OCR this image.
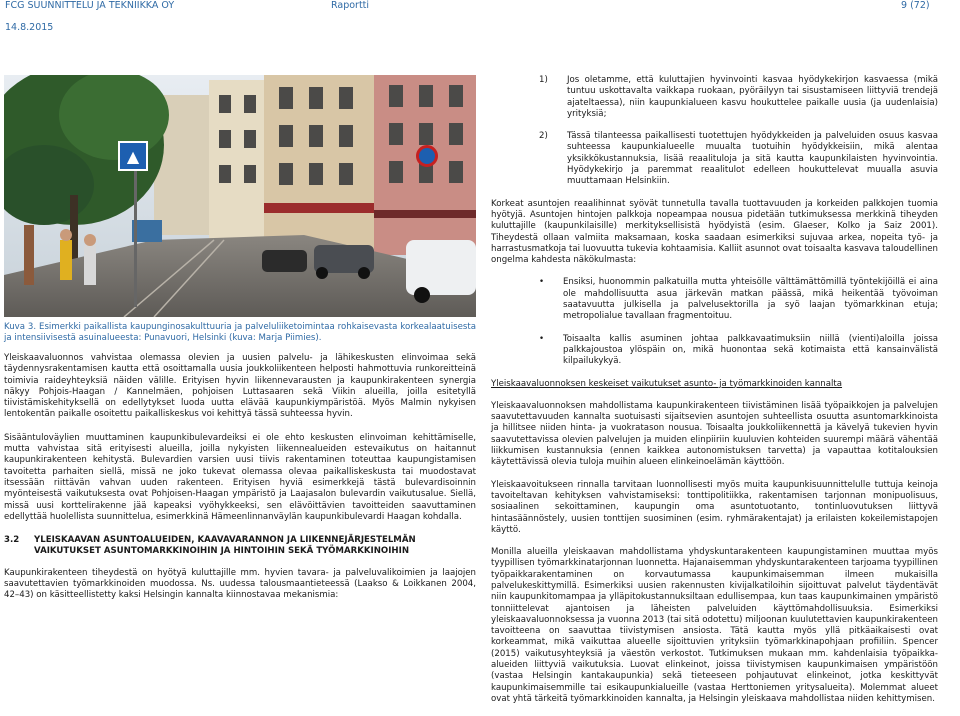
FCG SUUNNITTELU JA TEKNIIKKA OY	Raportti	9 (72)
14.8.2015
▲

Kuva 3. Esimerkki paikallista kaupunginosakulttuuria ja palveluliiketoimintaa rohkaisevasta korkealaatuisesta ja intensiivisestä asuinalueesta: Punavuori, Helsinki (kuva: Marja Piimies).

Yleiskaavaluonnos vahvistaa olemassa olevien ja uusien palvelu- ja lähikeskusten elinvoimaa sekä täydennysrakentamisen kautta että osoittamalla uusia joukkoliikenteen helposti hahmottuvia runkoreitteinä toimivia raideyhteyksiä näiden välille. Erityisen hyvin liikennevarausten ja kaupunkirakenteen synergia näkyy Pohjois-Haagan / Kannelmäen, pohjoisen Luttasaaren sekä Viikin alueilla, joilla esitetyllä tiivistämiskehityksellä on edellytykset luoda uutta elävää kaupunkiympäristöä. Myös Malmin nykyisen lentokentän paikalle osoitettu paikalliskeskus voi kehittyä tässä suhteessa hyvin.

Sisääntuloväylien muuttaminen kaupunkibulevardeiksi ei ole ehto keskusten elinvoiman kehittämiselle, mutta vahvistaa sitä erityisesti alueilla, joilla nykyisten liikennealueiden estevaikutus on haitannut kaupunkirakenteen kehitystä. Bulevardien varsien uusi tiivis rakentaminen toteuttaa kaupungistamisen tavoitetta parhaiten siellä, missä ne joko tukevat olemassa olevaa paikalliskeskusta tai muodostavat itsessään riittävän vahvan uuden rakenteen. Erityisen hyviä esimerkkejä tästä bulevardisoinnin myönteisestä vaikutuksesta ovat Pohjoisen-Haagan ympäristö ja Laajasalon bulevardin vaikutusalue. Siellä, missä uusi korttelirakenne jää kapeaksi vyöhykkeeksi, sen elävöittävien tavoitteiden saavuttaminen edellyttää huolellista suunnittelua, esimerkkinä Hämeenlinnanväylän kaupunkibulevardi Haagan kohdalla.

3.2	YLEISKAAVAN ASUNTOALUEIDEN, KAAVAVARANNON JA LIIKENNEJÄRJESTELMÄN VAIKUTUKSET ASUNTOMARKKINOIHIN JA HINTOIHIN SEKÄ TYÖMARKKINOIHIN

Kaupunkirakenteen tiheydestä on hyötyä kuluttajille mm. hyvien tavara- ja palveluvalikoimien ja laajojen saavutettavien työmarkkinoiden muodossa. Ns. uudessa talousmaantieteessä (Laakso & Loikkanen 2004, 42–43) on käsitteellistetty kaksi Helsingin kannalta kiinnostavaa mekanismia:

1)	Jos oletamme, että kuluttajien hyvinvointi kasvaa hyödykekirjon kasvaessa (mikä tuntuu uskottavalta vaikkapa ruokaan, pyöräilyyn tai sisustamiseen liittyviä trendejä ajateltaessa), niin kaupunkialueen kasvu houkuttelee paikalle uusia (ja uudenlaisia) yrityksiä;

2)	Tässä tilanteessa paikallisesti tuotettujen hyödykkeiden ja palveluiden osuus kasvaa suhteessa kaupunkialueelle muualta tuotuihin hyödykkeisiin, mikä alentaa yksikkökustannuksia, lisää reaalituloja ja sitä kautta kaupunkilaisten hyvinvointia. Hyödykekirjo ja paremmat reaalitulot edelleen houkuttelevat muualla asuvia muuttamaan Helsinkiin.

Korkeat asuntojen reaalihinnat syövät tunnetulla tavalla tuottavuuden ja korkeiden palkkojen tuomia hyötyjä. Asuntojen hintojen palkkoja nopeampaa nousua pidetään tutkimuksessa merkkinä tiheyden kuluttajille (kaupunkilaisille) merkityksellisistä hyödyistä (esim. Glaeser, Kolko ja Saiz 2001). Tiheydestä ollaan valmiita maksamaan, koska saadaan esimerkiksi sujuvaa arkea, nopeita työ- ja harrastusmatkoja tai luovuutta tukevia kohtaamisia. Kalliit asunnot ovat toisaalta kasvava taloudellinen ongelma kahdesta näkökulmasta:

•	Ensiksi, huonommin palkatuilla mutta yhteisölle välttämättömillä työntekijöillä ei aina ole mahdollisuutta asua järkevän matkan päässä, mikä heikentää työvoiman saatavuutta julkisella ja palvelusektorilla ja syö laajan työmarkkinan etuja; metropolialue tavallaan fragmentoituu.

•	Toisaalta kallis asuminen johtaa palkkavaatimuksiin niillä (vienti)aloilla joissa palkkajoustoa ylöspäin on, mikä huonontaa sekä kotimaista että kansainvälistä kilpailukykyä.

Yleiskaavaluonnoksen keskeiset vaikutukset asunto- ja työmarkkinoiden kannalta

Yleiskaavaluonnoksen mahdollistama kaupunkirakenteen tiivistäminen lisää työpaikkojen ja palvelujen saavutettavuuden kannalta suotuisasti sijaitsevien asuntojen suhteellista osuutta asuntomarkkinoista ja hillitsee niiden hinta- ja vuokratason nousua. Toisaalta joukkoliikennettä ja kävelyä tukevien hyvin saavutettavissa olevien palvelujen ja muiden elinpiiriin kuuluvien kohteiden suurempi määrä vähentää liikkumisen kustannuksia (ennen kaikkea autonomistuksen tarvetta) ja vapauttaa kotitalouksien käytettävissä olevia tuloja muihin alueen elinkeinoelämän käyttöön.

Yleiskaavoitukseen rinnalla tarvitaan luonnollisesti myös muita kaupunkisuunnittelulle tuttuja keinoja tavoiteltavan kehityksen vahvistamiseksi: tonttipolitiikka, rakentamisen tarjonnan monipuolisuus, sosiaalinen sekoittaminen, kaupungin oma asuntotuotanto, tontinluovutuksen liittyvä hintasäännöstely, uusien tonttijen suosiminen (esim. ryhmärakentajat) ja erilaisten kokeilemistapojen käyttö.

Monilla alueilla yleiskaavan mahdollistama yhdyskuntarakenteen kaupungistaminen muuttaa myös tyypillisen työmarkkinatarjonnan luonnetta. Hajanaisemman yhdyskuntarakenteen tarjoama tyypillinen työpaikkarakentaminen on korvautumassa kaupunkimaisemman ilmeen mukaisilla palvelukeskittymillä. Esimerkiksi uusien rakennusten kivijalkatiloihin sijoittuvat palvelut täydentävät niin kaupunkitomampaa ja ylläpitokustannuksiltaan edullisempaa, kun taas kaupunkimainen ympäristö tonniittelevat ajantoisen ja läheisten palveluiden käyttömahdollisuuksia. Esimerkiksi yleiskaavaluonnoksessa ja vuonna 2013 (tai sitä odotettu) miljoonan kuulutettavien kaupunkirakenteen tavoitteena on saavuttaa tiivistymisen ansiosta. Tätä kautta myös yllä pitkäaikaisesti ovat korkeammat, mikä vaikuttaa alueelle sijoittuvien yrityksiin työmarkkinapohjaan profiiliin. Spencer (2015) vaikutusyhteyksiä ja väestön verkostot. Tutkimuksen mukaan mm. kahdenlaisia työpaikka-alueiden liittyviä vaikutuksia. Luovat elinkeinot, joissa tiivistymisen kaupunkimaisen ympäristöön (vastaa Helsingin kantakaupunkia) sekä tieteeseen pohjautuvat elinkeinot, jotka keskittyvät kaupunkimaisemmille tai esikaupunkialueille (vastaa Herttoniemen yritysalueita). Molemmat alueet ovat yhtä tärkeitä työmarkkinoiden kannalta, ja Helsingin yleiskaava mahdollistaa niiden kehittymisen.
